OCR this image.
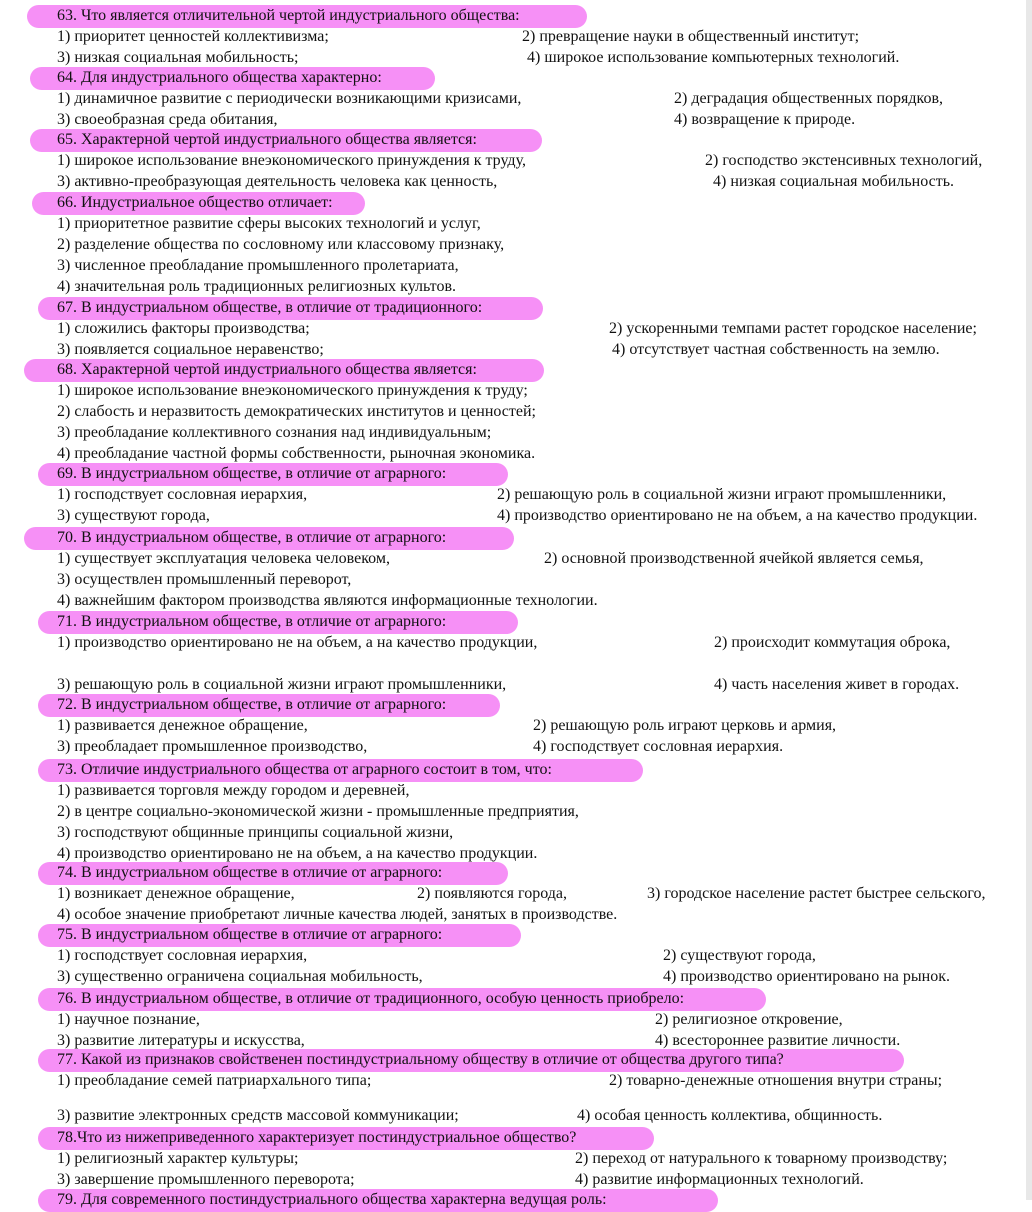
63. Что является отличительной чертой индустриального общества:
1) приоритет ценностей коллективизма;	2) превращение науки в общественный институт;
3) низкая социальная мобильность;	4) широкое использование компьютерных технологий.
64. Для индустриального общества характерно:
1) динамичное развитие с периодически возникающими кризисами,	2) деградация общественных порядков,
3) своеобразная среда обитания,	4) возвращение к природе.
65. Характерной чертой индустриального общества является:
1) широкое использование внеэкономического принуждения к труду,	2) господство экстенсивных технологий,
3) активно-преобразующая деятельность человека как ценность,	4) низкая социальная мобильность.
66. Индустриальное общество отличает:
1) приоритетное развитие сферы высоких технологий и услуг,
2) разделение общества по сословному или классовому признаку,
3) численное преобладание промышленного пролетариата,
4) значительная роль традиционных религиозных культов.
67. В индустриальном обществе, в отличие от традиционного:
1) сложились факторы производства;	2) ускоренными темпами растет городское население;
3) появляется социальное неравенство;	4) отсутствует частная собственность на землю.
68. Характерной чертой индустриального общества является:
1) широкое использование внеэкономического принуждения к труду;
2) слабость и неразвитость демократических институтов и ценностей;
3) преобладание коллективного сознания над индивидуальным;
4) преобладание частной формы собственности, рыночная экономика.
69. В индустриальном обществе, в отличие от аграрного:
1) господствует сословная иерархия,	2) решающую роль в социальной жизни играют промышленники,
3) существуют города,	4) производство ориентировано не на объем, а на качество продукции.
70. В индустриальном обществе, в отличие от аграрного:
1) существует эксплуатация человека человеком,	2) основной производственной ячейкой является семья,
3) осуществлен промышленный переворот,
4) важнейшим фактором производства являются информационные технологии.
71. В индустриальном обществе, в отличие от аграрного:
1) производство ориентировано не на объем, а на качество продукции,	2) происходит коммутация оброка,
3) решающую роль в социальной жизни играют промышленники,	4) часть населения живет в городах.
72. В индустриальном обществе, в отличие от аграрного:
1) развивается денежное обращение,	2) решающую роль играют церковь и армия,
3) преобладает промышленное производство,	4) господствует сословная иерархия.
73. Отличие индустриального общества от аграрного состоит в том, что:
1) развивается торговля между городом и деревней,
2) в центре социально-экономической жизни - промышленные предприятия,
3) господствуют общинные принципы социальной жизни,
4) производство ориентировано не на объем, а на качество продукции.
74. В индустриальном обществе в отличие от аграрного:
1) возникает денежное обращение,	2) появляются города,	3) городское население растет быстрее сельского,
4) особое значение приобретают личные качества людей, занятых в производстве.
75. В индустриальном обществе в отличие от аграрного:
1) господствует сословная иерархия,	2) существуют города,
3) существенно ограничена социальная мобильность,	4) производство ориентировано на рынок.
76. В индустриальном обществе, в отличие от традиционного, особую ценность приобрело:
1) научное познание,	2) религиозное откровение,
3) развитие литературы и искусства,	4) всестороннее развитие личности.
77. Какой из признаков свойственен постиндустриальному обществу в отличие от общества другого типа?
1) преобладание семей патриархального типа;	2) товарно-денежные отношения внутри страны;
3) развитие электронных средств массовой коммуникации;	4) особая ценность коллектива, общинность.
78.Что из нижеприведенного характеризует постиндустриальное общество?
1) религиозный характер культуры;	2) переход от натурального к товарному производству;
3) завершение промышленного переворота;	4) развитие информационных технологий.
79. Для современного постиндустриального общества характерна ведущая роль:
